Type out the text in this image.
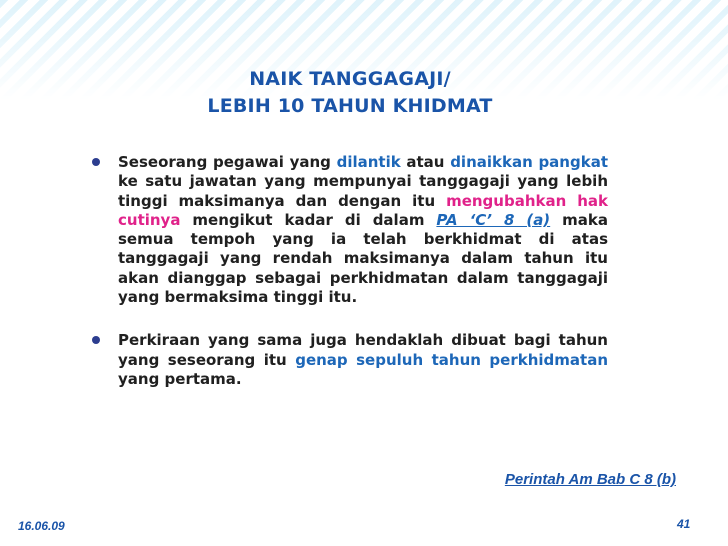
NAIK TANGGAGAJI/
LEBIH 10 TAHUN KHIDMAT
Seseorang pegawai yang dilantik atau dinaikkan pangkat ke satu jawatan yang mempunyai tanggagaji yang lebih tinggi maksimanya dan dengan itu mengubahkan hak cutinya mengikut kadar di dalam PA ‘C’ 8 (a) maka semua tempoh yang ia telah berkhidmat di atas tanggagaji yang rendah maksimanya dalam tahun itu akan dianggap sebagai perkhidmatan dalam tanggagaji yang bermaksima tinggi itu.
Perkiraan yang sama juga hendaklah dibuat bagi tahun yang seseorang itu genap sepuluh tahun perkhidmatan yang pertama.
Perintah Am Bab C 8 (b)
16.06.09	41
